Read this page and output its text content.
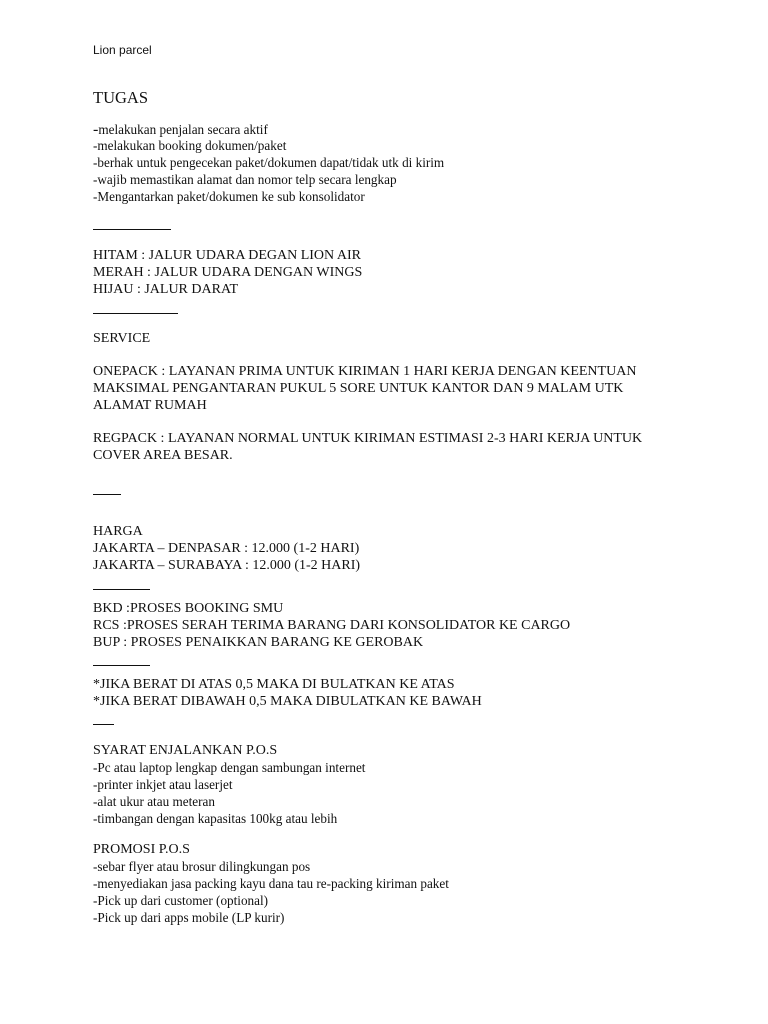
Lion parcel
TUGAS
-melakukan penjalan secara aktif
-melakukan booking dokumen/paket
-berhak untuk pengecekan paket/dokumen dapat/tidak utk di kirim
-wajib memastikan alamat dan nomor telp secara lengkap
-Mengantarkan paket/dokumen ke sub konsolidator
HITAM : JALUR UDARA DEGAN LION AIR
MERAH : JALUR UDARA DENGAN WINGS
HIJAU : JALUR DARAT
SERVICE
ONEPACK : LAYANAN PRIMA UNTUK KIRIMAN 1 HARI KERJA DENGAN KEENTUAN
MAKSIMAL PENGANTARAN PUKUL 5 SORE UNTUK KANTOR DAN 9 MALAM UTK
ALAMAT RUMAH
REGPACK : LAYANAN NORMAL UNTUK KIRIMAN ESTIMASI 2-3 HARI KERJA UNTUK
COVER AREA BESAR.
HARGA
JAKARTA – DENPASAR : 12.000 (1-2 HARI)
JAKARTA – SURABAYA : 12.000 (1-2 HARI)
BKD :PROSES BOOKING SMU
RCS :PROSES SERAH TERIMA BARANG DARI KONSOLIDATOR KE CARGO
BUP : PROSES PENAIKKAN BARANG KE GEROBAK
*JIKA BERAT DI ATAS 0,5 MAKA DI BULATKAN KE ATAS
*JIKA BERAT DIBAWAH 0,5 MAKA DIBULATKAN KE BAWAH
SYARAT ENJALANKAN P.O.S
-Pc atau laptop lengkap dengan sambungan internet
-printer inkjet atau laserjet
-alat ukur atau meteran
-timbangan dengan kapasitas 100kg atau lebih
PROMOSI P.O.S
-sebar flyer atau brosur dilingkungan pos
-menyediakan jasa packing kayu dana tau re-packing kiriman paket
-Pick up dari customer (optional)
-Pick up dari apps mobile (LP kurir)
